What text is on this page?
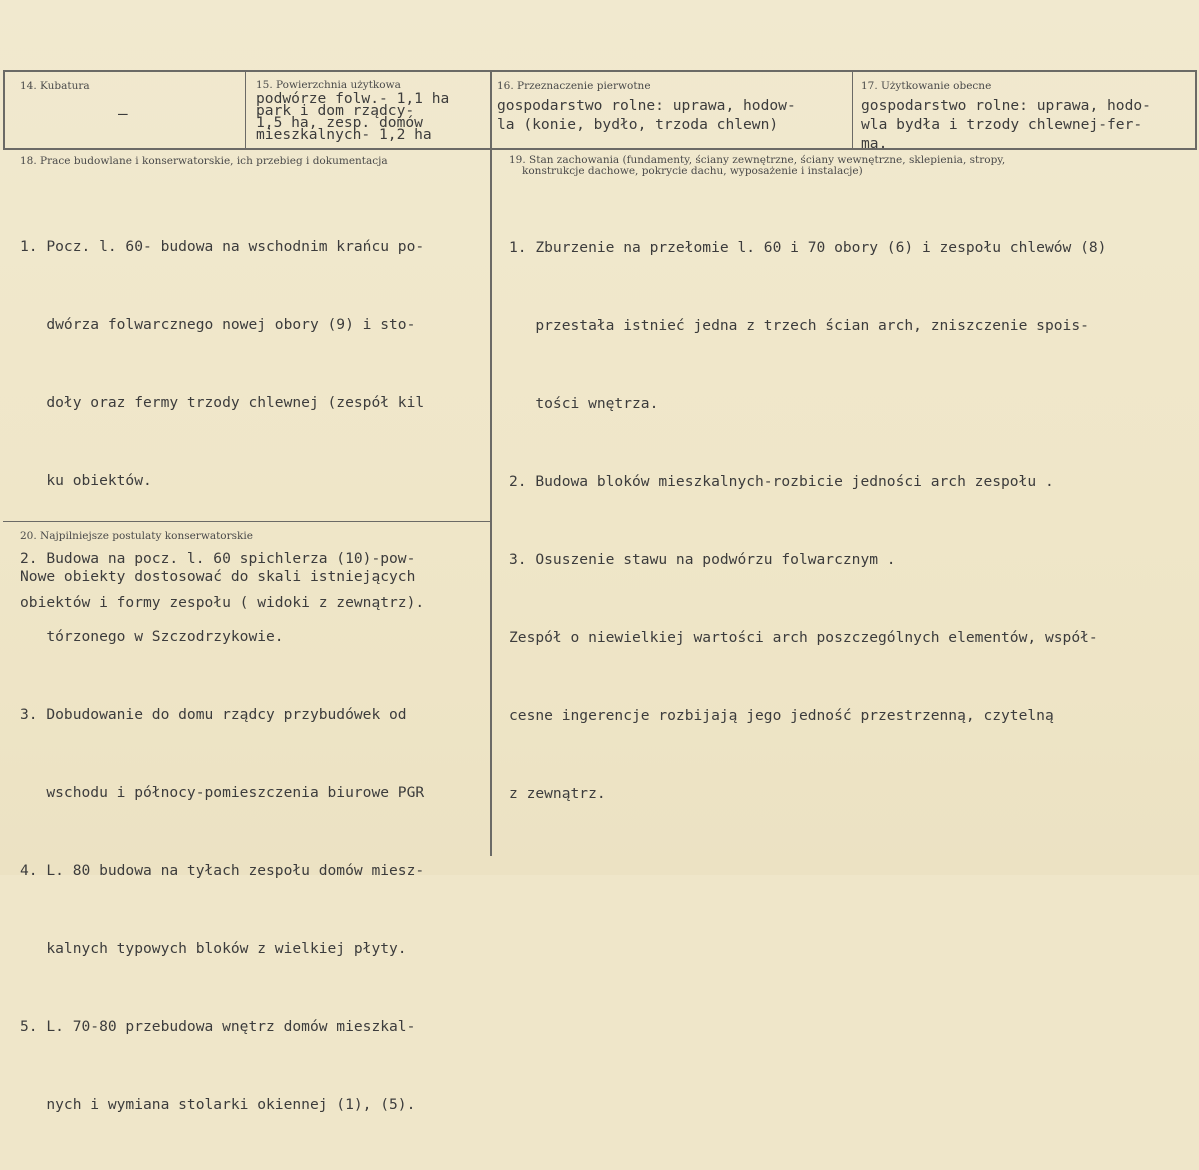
14. Kubatura
–
15. Powierzchnia użytkowa
podwórze folw.- 1,1 ha
park i dom rządcy-
1,5 ha, zesp. domów
mieszkalnych- 1,2 ha
16. Przeznaczenie pierwotne
gospodarstwo rolne: uprawa, hodow-
la (konie, bydło, trzoda chlewn)
17. Użytkowanie obecne
gospodarstwo rolne: uprawa, hodo-
wla bydła i trzody chlewnej-fer-
ma.
18. Prace budowlane i konserwatorskie, ich przebieg i dokumentacja

1. Pocz. l. 60- budowa na wschodnim krańcu po-

dwórza folwarcznego nowej obory (9) i sto-

doły oraz fermy trzody chlewnej (zespół kil

ku obiektów.

2. Budowa na pocz. l. 60 spichlerza (10)-pow-

tórzonego w Szczodrzykowie.

3. Dobudowanie do domu rządcy przybudówek od

wschodu i północy-pomieszczenia biurowe PGR

4. L. 80 budowa na tyłach zespołu domów miesz-

kalnych typowych bloków z wielkiej płyty.

5. L. 70-80 przebudowa wnętrz domów mieszkal-

nych i wymiana stolarki okiennej (1), (5).

19. Stan zachowania (fundamenty, ściany zewnętrzne, ściany wewnętrzne, sklepienia, stropy,
konstrukcje dachowe, pokrycie dachu, wyposażenie i instalacje)

1. Zburzenie na przełomie l. 60 i 70 obory (6) i zespołu chlewów (8)

przestała istnieć jedna z trzech ścian arch, zniszczenie spois-

tości wnętrza.

2. Budowa bloków mieszkalnych-rozbicie jedności arch zespołu .

3. Osuszenie stawu na podwórzu folwarcznym .

Zespół o niewielkiej wartości arch poszczególnych elementów, współ-

cesne ingerencje rozbijają jego jedność przestrzenną, czytelną

z zewnątrz.

20. Najpilniejsze postulaty konserwatorskie
Nowe obiekty dostosować do skali istniejących
obiektów i formy zespołu ( widoki z zewnątrz).
